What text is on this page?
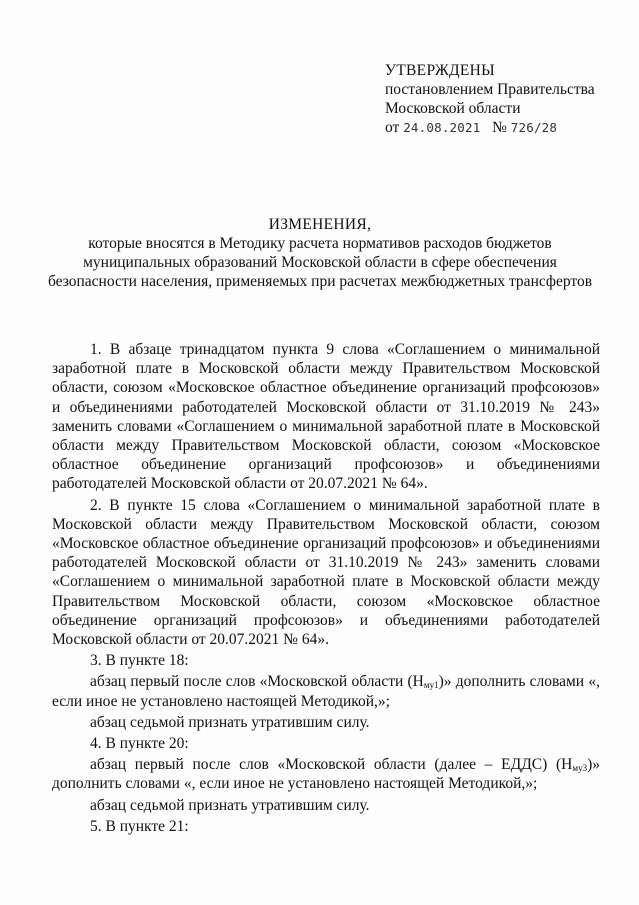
УТВЕРЖДЕНЫ
постановлением Правительства
Московской области
от 24.08.2021 № 726/28
ИЗМЕНЕНИЯ,
которые вносятся в Методику расчета нормативов расходов бюджетов
муниципальных образований Московской области в сфере обеспечения
безопасности населения, применяемых при расчетах межбюджетных трансфертов

1. В абзаце тринадцатом пункта 9 слова «Соглашением о минимальной заработной плате в Московской области между Правительством Московской области, союзом «Московское областное объединение организаций профсоюзов» и объединениями работодателей Московской области от 31.10.2019 № 243» заменить словами «Соглашением о минимальной заработной плате в Московской области между Правительством Московской области, союзом «Московское областное объединение организаций профсоюзов» и объединениями работодателей Московской области от 20.07.2021 № 64».

2. В пункте 15 слова «Соглашением о минимальной заработной плате в Московской области между Правительством Московской области, союзом «Московское областное объединение организаций профсоюзов» и объединениями работодателей Московской области от 31.10.2019 № 243» заменить словами «Соглашением о минимальной заработной плате в Московской области между Правительством Московской области, союзом «Московское областное объединение организаций профсоюзов» и объединениями работодателей Московской области от 20.07.2021 № 64».

3. В пункте 18:

абзац первый после слов «Московской области $(Н_{му1})$» дополнить словами «, если иное не установлено настоящей Методикой,»;

абзац седьмой признать утратившим силу.

4. В пункте 20:

абзац первый после слов «Московской области (далее – ЕДДС) $(Н_{му3})$» дополнить словами «, если иное не установлено настоящей Методикой,»;

абзац седьмой признать утратившим силу.

5. В пункте 21:
